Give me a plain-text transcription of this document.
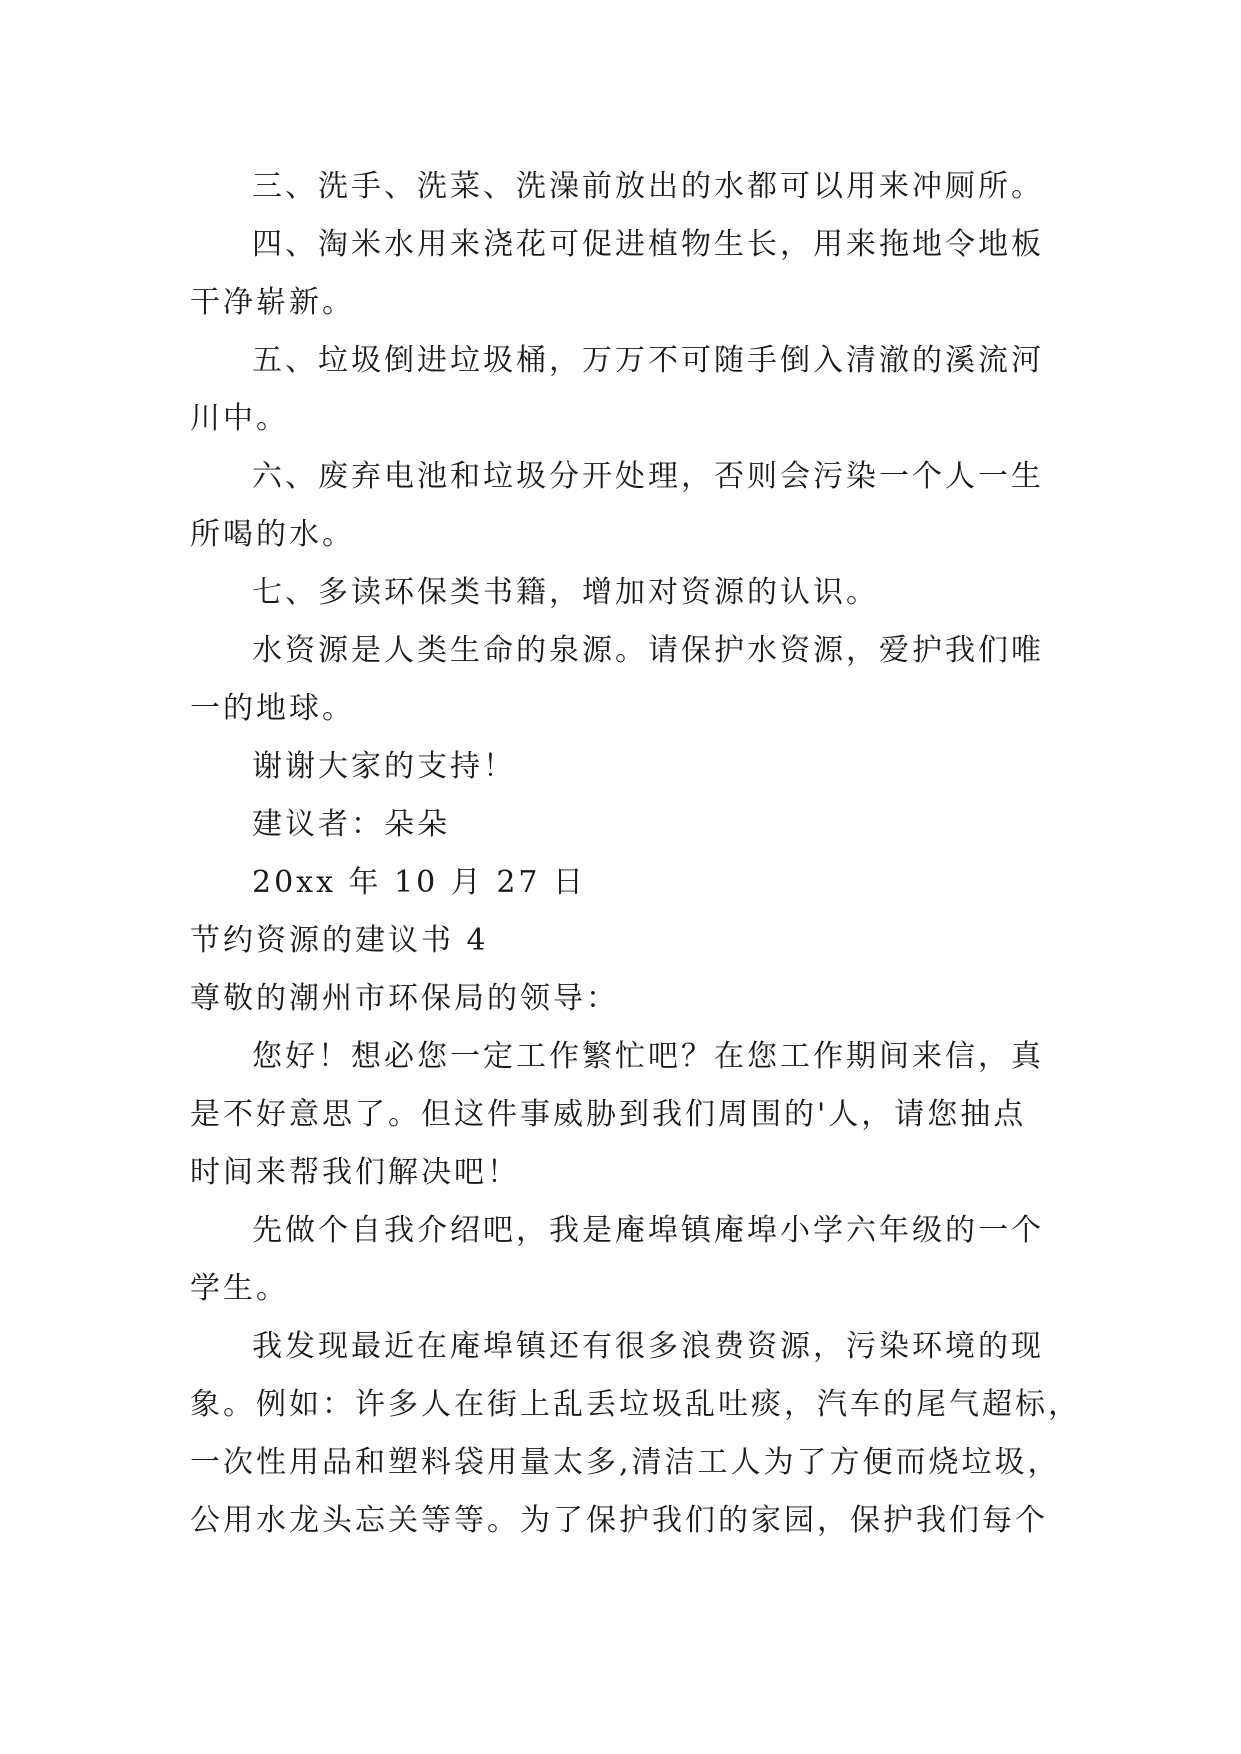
三、洗手、洗菜、洗澡前放出的水都可以用来冲厕所。
四、淘米水用来浇花可促进植物生长，用来拖地令地板
干净崭新。
五、垃圾倒进垃圾桶，万万不可随手倒入清澈的溪流河
川中。
六、废弃电池和垃圾分开处理，否则会污染一个人一生
所喝的水。
七、多读环保类书籍，增加对资源的认识。
水资源是人类生命的泉源。请保护水资源，爱护我们唯
一的地球。
谢谢大家的支持！
建议者：朵朵
20xx 年 10 月 27 日
节约资源的建议书 4
尊敬的潮州市环保局的领导：
您好！想必您一定工作繁忙吧？在您工作期间来信，真
是不好意思了。但这件事威胁到我们周围的'人，请您抽点
时间来帮我们解决吧！
先做个自我介绍吧，我是庵埠镇庵埠小学六年级的一个
学生。
我发现最近在庵埠镇还有很多浪费资源，污染环境的现
象。例如：许多人在街上乱丢垃圾乱吐痰，汽车的尾气超标，
一次性用品和塑料袋用量太多,清洁工人为了方便而烧垃圾，
公用水龙头忘关等等。为了保护我们的家园，保护我们每个
